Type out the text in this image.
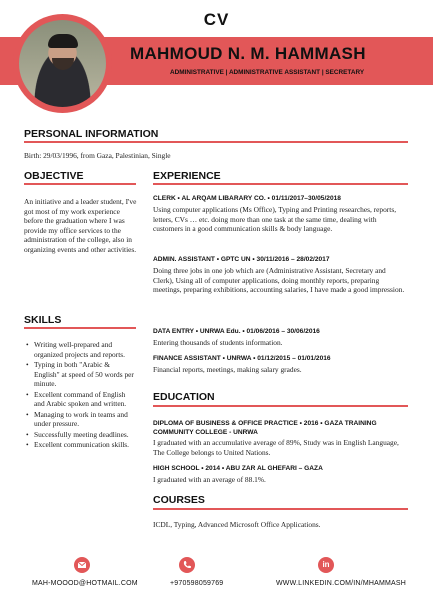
CV
MAHMOUD N. M. HAMMASH
ADMINISTRATIVE | ADMINISTRATIVE ASSISTANT | SECRETARY
PERSONAL INFORMATION
Birth: 29/03/1996, from Gaza, Palestinian, Single
OBJECTIVE
An initiative and a leader student, I've got most of my work experience before the graduation where I was provide my office services to the administration of the college, also in organizing events and other activities.
SKILLS
• Writing well-prepared and organized projects and reports.
• Typing in both "Arabic & English" at speed of 50 words per minute.
• Excellent command of English and Arabic spoken and written.
• Managing to work in teams and under pressure.
• Successfully meeting deadlines.
• Excellent communication skills.
EXPERIENCE
CLERK • AL ARQAM LIBARARY CO. • 01/11/2017–30/05/2018
Using computer applications (Ms Office), Typing and Printing researches, reports, letters, CVs … etc. doing more than one task at the same time, dealing with customers in a good communication skills & body language.
ADMIN. ASSISTANT • GPTC UN • 30/11/2016 – 28/02/2017
Doing three jobs in one job which are (Administrative Assistant, Secretary and Clerk), Using all of computer applications, doing monthly reports, preparing meetings, preparing exhibitions, accounting salaries, I have made a good impression.
DATA ENTRY • UNRWA Edu. • 01/06/2016 – 30/06/2016
Entering thousands of students information.
FINANCE ASSISTANT • UNRWA • 01/12/2015 – 01/01/2016
Financial reports, meetings, making salary grades.
EDUCATION
DIPLOMA OF BUSINESS & OFFICE PRACTICE • 2016 • GAZA TRAINING COMMUNITY COLLEGE - UNRWA
I graduated with an accumulative average of 89%, Study was in English Language, The College belongs to United Nations.
HIGH SCHOOL • 2014 • ABU ZAR AL GHEFARI – GAZA
I graduated with an average of 88.1%.
COURSES
ICDL, Typing, Advanced Microsoft Office Applications.
in
MAH-MOOOD@HOTMAIL.COM	+970598059769	WWW.LINKEDIN.COM/IN/MHAMMASH
